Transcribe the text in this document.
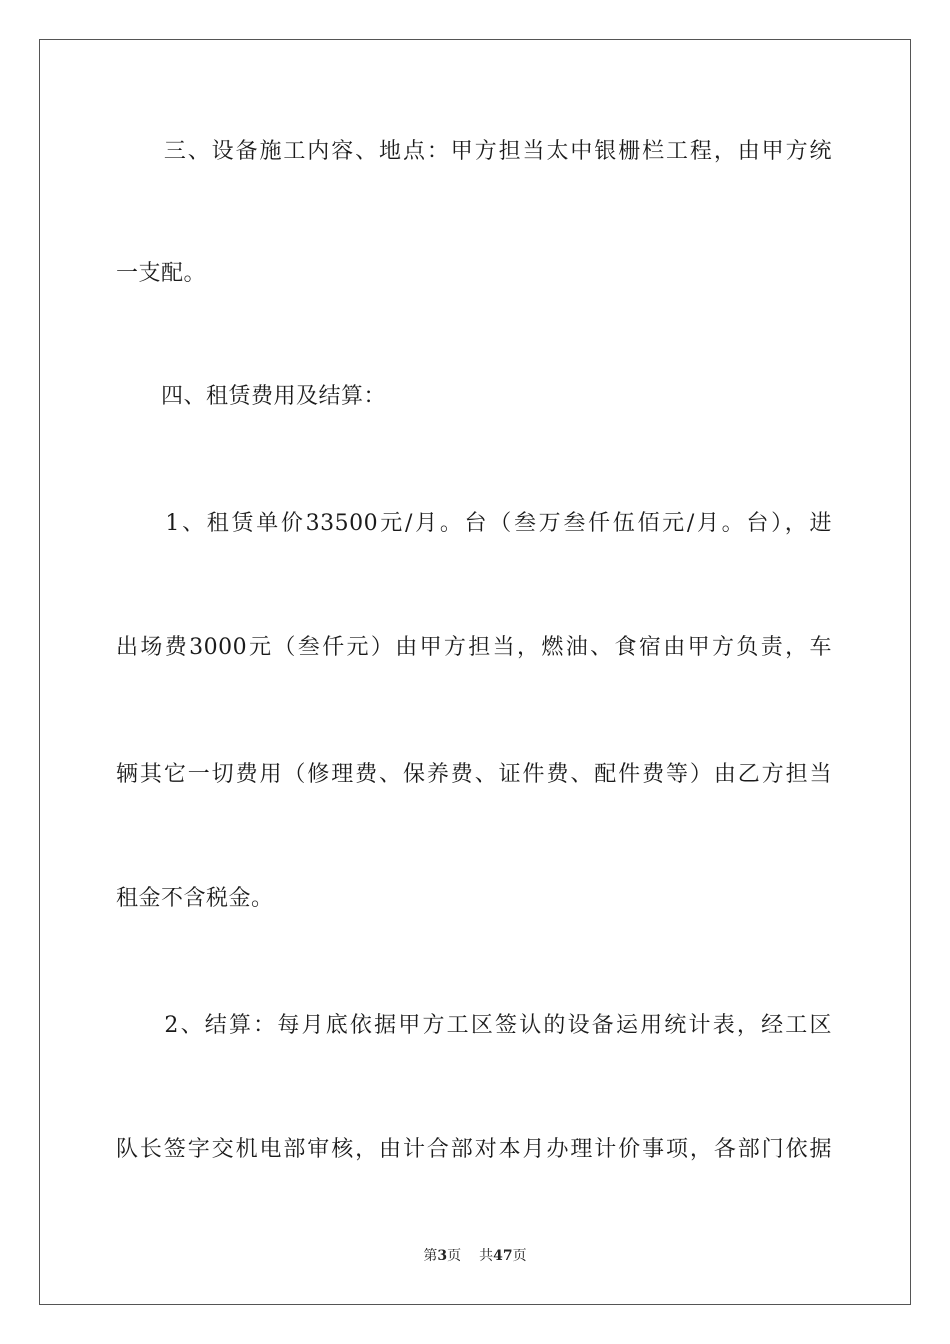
　　三、设备施工内容、地点：甲方担当太中银栅栏工程，由甲方统
一支配。
　　四、租赁费用及结算：
　　1、租赁单价33500元/月。台（叁万叁仟伍佰元/月。台），进
出场费3000元（叁仟元）由甲方担当，燃油、食宿由甲方负责，车
辆其它一切费用（修理费、保养费、证件费、配件费等）由乙方担当
租金不含税金。
　　2、结算：每月底依据甲方工区签认的设备运用统计表，经工区
队长签字交机电部审核，由计合部对本月办理计价事项，各部门依据
第3页 共47页
